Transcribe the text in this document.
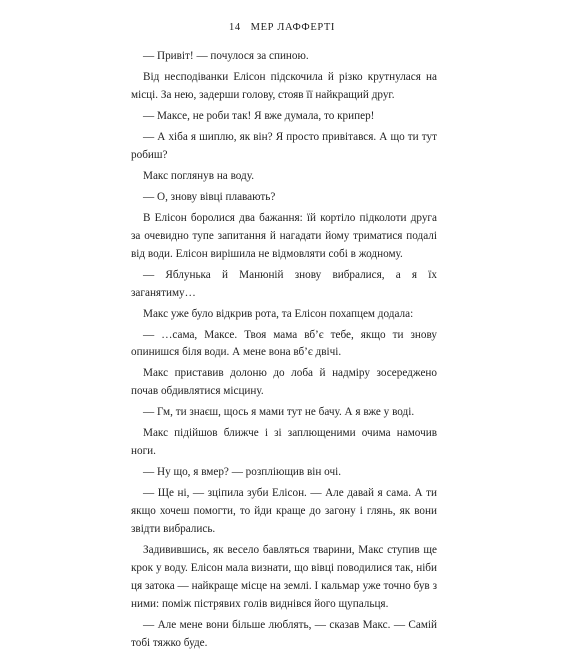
14 МЕР ЛАФФЕРТІ

— Привіт! — почулося за спиною.

Від несподіванки Елісон підскочила й різко крутнулася на місці. За нею, задерши голову, стояв її найкращий друг.

— Максе, не роби так! Я вже думала, то крипер!

— А хіба я шиплю, як він? Я просто привітався. А що ти тут робиш?

Макс поглянув на воду.

— О, знову вівці плавають?

В Елісон боролися два бажання: їй кортіло підколоти друга за очевидно тупе запитання й нагадати йому триматися подалі від води. Елісон вирішила не відмовляти собі в жодному.

— Яблунька й Манюній знову вибралися, а я їх заганятиму…

Макс уже було відкрив рота, та Елісон похапцем додала:

— …сама, Максе. Твоя мама вб’є тебе, якщо ти знову опинишся біля води. А мене вона вб’є двічі.

Макс приставив долоню до лоба й надміру зосереджено почав обдивлятися місцину.

— Гм, ти знаєш, щось я мами тут не бачу. А я вже у воді.

Макс підійшов ближче і зі заплющеними очима намочив ноги.

— Ну що, я вмер? — розпліющив він очі.

— Ще ні, — зціпила зуби Елісон. — Але давай я сама. А ти якщо хочеш помогти, то йди краще до загону і глянь, як вони звідти вибрались.

Задивившись, як весело бавляться тварини, Макс ступив ще крок у воду. Елісон мала визнати, що вівці поводилися так, ніби ця затока — найкраще місце на землі. І кальмар уже точно був з ними: поміж пістрявих голів виднівся його щупальця.

— Але мене вони більше люблять, — сказав Макс. — Самій тобі тяжко буде.
